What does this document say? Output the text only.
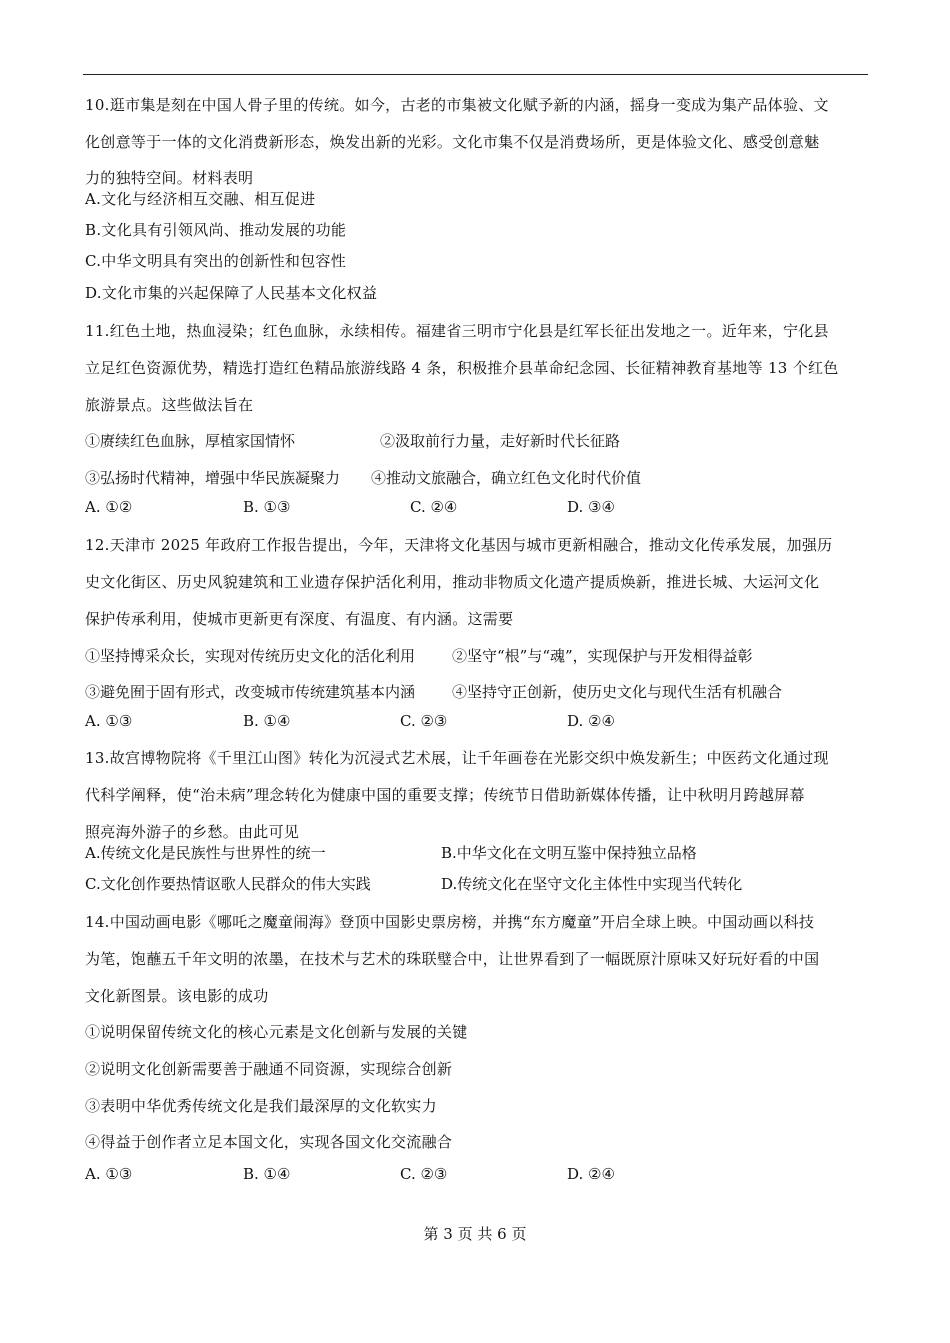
10.逛市集是刻在中国人骨子里的传统。如今，古老的市集被文化赋予新的内涵，摇身一变成为集产品体验、文
化创意等于一体的文化消费新形态，焕发出新的光彩。文化市集不仅是消费场所，更是体验文化、感受创意魅
力的独特空间。材料表明
A.文化与经济相互交融、相互促进
B.文化具有引领风尚、推动发展的功能
C.中华文明具有突出的创新性和包容性
D.文化市集的兴起保障了人民基本文化权益
11.红色土地，热血浸染；红色血脉，永续相传。福建省三明市宁化县是红军长征出发地之一。近年来，宁化县
立足红色资源优势，精选打造红色精品旅游线路 4 条，积极推介县革命纪念园、长征精神教育基地等 13 个红色
旅游景点。这些做法旨在
①赓续红色血脉，厚植家国情怀	②汲取前行力量，走好新时代长征路
③弘扬时代精神，增强中华民族凝聚力 ④推动文旅融合，确立红色文化时代价值
A. ①②	B. ①③	C. ②④	D. ③④
12.天津市 2025 年政府工作报告提出，今年，天津将文化基因与城市更新相融合，推动文化传承发展，加强历
史文化街区、历史风貌建筑和工业遗存保护活化利用，推动非物质文化遗产提质焕新，推进长城、大运河文化
保护传承利用，使城市更新更有深度、有温度、有内涵。这需要
①坚持博采众长，实现对传统历史文化的活化利用 ②坚守“根”与“魂”，实现保护与开发相得益彰
③避免囿于固有形式，改变城市传统建筑基本内涵 ④坚持守正创新，使历史文化与现代生活有机融合
A. ①③	B. ①④	C. ②③	D. ②④
13.故宫博物院将《千里江山图》转化为沉浸式艺术展，让千年画卷在光影交织中焕发新生；中医药文化通过现
代科学阐释，使“治未病”理念转化为健康中国的重要支撑；传统节日借助新媒体传播，让中秋明月跨越屏幕
照亮海外游子的乡愁。由此可见
A.传统文化是民族性与世界性的统一	B.中华文化在文明互鉴中保持独立品格
C.文化创作要热情讴歌人民群众的伟大实践	D.传统文化在坚守文化主体性中实现当代转化
14.中国动画电影《哪吒之魔童闹海》登顶中国影史票房榜，并携“东方魔童”开启全球上映。中国动画以科技
为笔，饱蘸五千年文明的浓墨，在技术与艺术的珠联璧合中，让世界看到了一幅既原汁原味又好玩好看的中国
文化新图景。该电影的成功
①说明保留传统文化的核心元素是文化创新与发展的关键
②说明文化创新需要善于融通不同资源，实现综合创新
③表明中华优秀传统文化是我们最深厚的文化软实力
④得益于创作者立足本国文化，实现各国文化交流融合
A. ①③	B. ①④	C. ②③	D. ②④
第 3 页 共 6 页
